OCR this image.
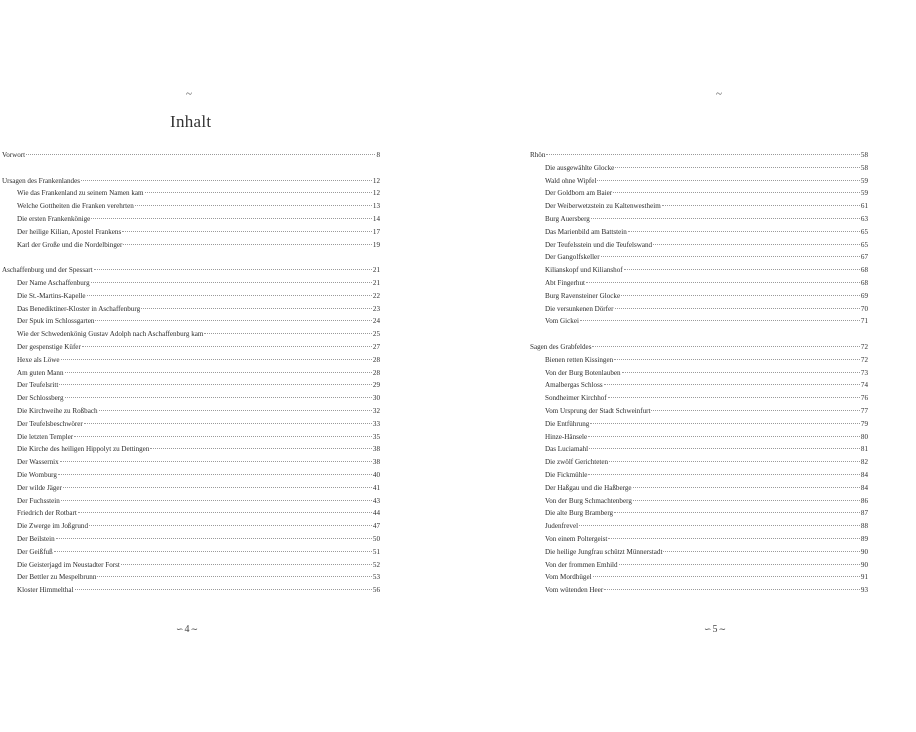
~
Inhalt
Vorwort	8
Ursagen des Frankenlandes	12
Wie das Frankenland zu seinem Namen kam	12
Welche Gottheiten die Franken verehrten	13
Die ersten Frankenkönige	14
Der heilige Kilian, Apostel Frankens	17
Karl der Große und die Nordelbinger	19
Aschaffenburg und der Spessart	21
Der Name Aschaffenburg	21
Die St.-Martins-Kapelle	22
Das Benediktiner-Kloster in Aschaffenburg	23
Der Spuk im Schlossgarten	24
Wie der Schwedenkönig Gustav Adolph nach Aschaffenburg kam	25
Der gespenstige Küfer	27
Hexe als Löwe	28
Am guten Mann	28
Der Teufelsritt	29
Der Schlossberg	30
Die Kirchweihe zu Roßbach	32
Der Teufelsbeschwörer	33
Die letzten Templer	35
Die Kirche des heiligen Hippolyt zu Dettingen	38
Der Wassernix	38
Die Womburg	40
Der wilde Jäger	41
Der Fuchsstein	43
Friedrich der Rotbart	44
Die Zwerge im Joßgrund	47
Der Beilstein	50
Der Geißfuß	51
Die Geisterjagd im Neustadter Forst	52
Der Bettler zu Mespelbrunn	53
Kloster Himmelthal	56
∽4∼
~
Rhön	58
Die ausgewählte Glocke	58
Wald ohne Wipfel	59
Der Goldborn am Baier	59
Der Weiberwetzstein zu Kaltenwestheim	61
Burg Auersberg	63
Das Marienbild am Battstein	65
Der Teufelsstein und die Teufelswand	65
Der Gangolfskeller	67
Kilianskopf und Kilianshof	68
Abt Fingerhut	68
Burg Ravensteiner Glocke	69
Die versunkenen Dörfer	70
Vom Gickei	71
Sagen des Grabfeldes	72
Bienen retten Kissingen	72
Von der Burg Botenlauben	73
Amalbergas Schloss	74
Sondheimer Kirchhof	76
Vom Ursprung der Stadt Schweinfurt	77
Die Entführung	79
Hinze-Hänsele	80
Das Luciamahl	81
Die zwölf Gerichteten	82
Die Fickmühle	84
Der Haßgau und die Haßberge	84
Von der Burg Schmachtenberg	86
Die alte Burg Bramberg	87
Judenfrevel	88
Von einem Poltergeist	89
Die heilige Jungfrau schützt Münnerstadt	90
Von der frommen Emhild	90
Vom Mordhügel	91
Vom wütenden Heer	93
∽5∼
